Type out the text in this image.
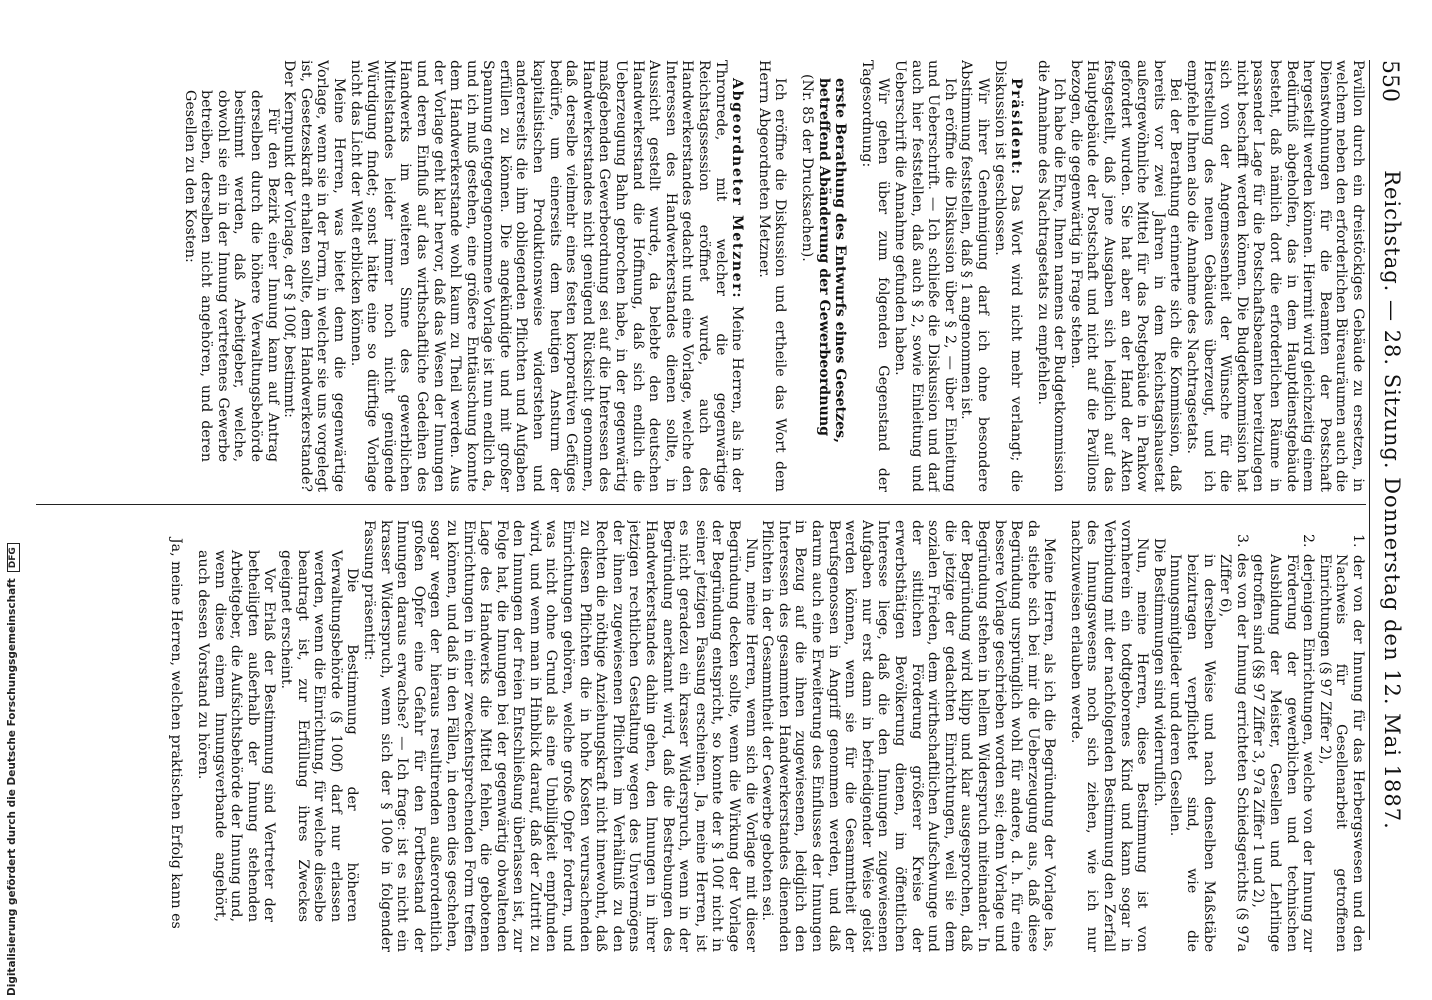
550
Reichstag. — 28. Sitzung. Donnerstag den 12. Mai 1887.

Pavillon durch ein dreistöckiges Gebäude zu ersetzen, in welchem neben den erforderlichen Büreauräumen auch die Dienstwohnungen für die Beamten der Postschaft hergestellt werden können. Hiermit wird gleichzeitig einem Bedürfniß abgeholfen, das in dem Hauptdienstgebäude besteht, daß nämlich dort die erforderlichen Räume in passender Lage für die Postschaftsbeamten bereitzulegen nicht beschafft werden können. Die Budgetkommission hat sich von der Angemessenheit der Wünsche für die Herstellung des neuen Gebäudes überzeugt, und ich empfehle Ihnen also die Annahme des Nachtragsetats.

Bei der Berathung erinnerte sich die Kommission, daß bereits vor zwei Jahren in dem Reichstagshausetat außergewöhnliche Mittel für das Postgebäude in Pankow gefordert wurden. Sie hat aber an der Hand der Akten festgestellt, daß jene Ausgaben sich lediglich auf das Hauptgebäude der Postschaft und nicht auf die Pavillons bezogen, die gegenwärtig in Frage stehen.

Ich habe die Ehre, Ihnen namens der Budgetkommission die Annahme des Nachtragsetats zu empfehlen.

Präsident: Das Wort wird nicht mehr verlangt; die Diskussion ist geschlossen.

Wir ihrer Genehmigung darf ich ohne besondere Abstimmung feststellen, daß § 1 angenommen ist.

Ich eröffne die Diskussion über § 2, — über Einleitung und Ueberschrift. — Ich schließe die Diskussion und darf auch hier feststellen, daß auch § 2, sowie Einleitung und Ueberschrift die Annahme gefunden haben.

Wir gehen über zum folgenden Gegenstand der Tagesordnung:

erste Berathung des Entwurfs eines Gesetzes, betreffend Abänderung der Gewerbeordnung

(Nr. 85 der Drucksachen).

Ich eröffne die Diskussion und ertheile das Wort dem Herrn Abgeordneten Metzner.

Abgeordneter Metzner: Meine Herren, als in der Thronrede, mit welcher die gegenwärtige Reichstagssession eröffnet wurde, auch des Handwerkerstandes gedacht und eine Vorlage, welche den Interessen des Handwerkerstandes dienen sollte, in Aussicht gestellt wurde, da belebte den deutschen Handwerkerstand die Hoffnung, daß sich endlich die Ueberzeugung Bahn gebrochen habe, in der gegenwärtig maßgebenden Gewerbeordnung sei auf die Interessen des Handwerkerstandes nicht genügend Rücksicht genommen, daß derselbe vielmehr eines festen korporativen Gefüges bedürfe, um einerseits dem heutigen Ansturm der kapitalistischen Produktionsweise widerstehen und andererseits die ihm obliegenden Pflichten und Aufgaben erfüllen zu können. Die angekündigte und mit großer Spannung entgegengenommene Vorlage ist nun endlich da, und ich muß gestehen, eine größere Enttäuschung konnte dem Handwerkerstande wohl kaum zu Theil werden. Aus der Vorlage geht klar hervor, daß das Wesen der Innungen und deren Einfluß auf das wirthschaftliche Gedeihen des Handwerks im weiteren Sinne des gewerblichen Mittelstandes leider immer noch nicht genügende Würdigung findet; sonst hätte eine so dürftige Vorlage nicht das Licht der Welt erblicken können.

Meine Herren, was bietet denn die gegenwärtige Vorlage, wenn sie in der Form, in welcher sie uns vorgelegt ist, Gesetzeskraft erhalten sollte, dem Handwerkerstande? Der Kernpunkt der Vorlage, der § 100f, bestimmt:

Für den Bezirk einer Innung kann auf Antrag derselben durch die höhere Verwaltungsbehörde bestimmt werden, daß Arbeitgeber, welche, obwohl sie ein in der Innung vertretenes Gewerbe betreiben, derselben nicht angehören, und deren Gesellen zu den Kosten:

1. der von der Innung für das Herbergswesen und den Nachweis für Gesellenarbeit getroffenen Einrichtungen (§ 97 Ziffer 2),

2. derjenigen Einrichtungen, welche von der Innung zur Förderung der gewerblichen und technischen Ausbildung der Meister, Gesellen und Lehrlinge getroffen sind (§§ 97 Ziffer 3, 97a Ziffer 1 und 2),

3. des von der Innung errichteten Schiedsgerichts (§ 97a Ziffer 6),

in derselben Weise und nach denselben Maßstäbe beizutragen verpflichtet sind, wie die Innungsmitglieder und deren Gesellen.

Die Bestimmungen sind widerruflich.

Nun, meine Herren, diese Bestimmung ist von vornherein ein todtgeborenes Kind und kann sogar in Verbindung mit der nachfolgenden Bestimmung den Zerfall des Innungswesens noch sich ziehen, wie ich nur nachzuweisen erlauben werde.

Meine Herren, als ich die Begründung der Vorlage las, da stiehe sich bei mir die Ueberzeugung aus, daß diese Begründung ursprünglich wohl für andere, d. h. für eine bessere Vorlage geschrieben worden sei; denn Vorlage und Begründung stehen in hellem Widerspruch miteinander. In der Begründung wird klipp und klar ausgesprochen, daß die jetzige der gedachten Einrichtungen, weil sie dem sozialen Frieden, dem wirthschaftlichen Aufschwunge und der sittlichen Förderung größerer Kreise der erwerbsthätigen Bevölkerung dienen, im öffentlichen Interesse liege, daß die den Innungen zugewiesenen Aufgaben nur erst dann in befriedigender Weise gelöst werden können, wenn sie für die Gesammtheit der Berufsgenossen in Angriff genommen werden, und daß darum auch eine Erweiterung des Einflusses der Innungen in Bezug auf die ihnen zugewiesenen, lediglich den Interessen des gesammten Handwerkerstandes dienenden Pflichten in der Gesammtheit der Gewerbe geboten sei.

Nun, meine Herren, wenn sich die Vorlage mit dieser Begründung decken sollte, wenn die Wirkung der Vorlage der Begründung entspricht, so konnte der § 100f nicht in seiner jetzigen Fassung erscheinen. Ja, meine Herren, ist es nicht geradezu ein krasser Widerspruch, wenn in der Begründung anerkannt wird, daß die Bestrebungen des Handwerkerstandes dahin gehen, den Innungen in ihrer jetzigen rechtlichen Gestaltung wegen des Unvermögens der ihnen zugewiesenen Pflichten im Verhältniß zu den Rechten die nöthige Anziehungskraft nicht innewohnt, daß zu diesen Pflichten die in hohe Kosten verursachenden Einrichtungen gehören, welche große Opfer fordern, und was nicht ohne Grund als eine Unbilligkeit empfunden wird, und wenn man in Hinblick darauf, daß der Zutritt zu den Innungen der freien Entschließung überlassen ist, zur Folge hat, die Innungen bei der gegenwärtig obwaltenden Lage des Handwerks die Mittel fehlen, die gebotenen Einrichtungen in einer zweckentsprechenden Form treffen zu können, und daß in den Fällen, in denen dies geschehen, sogar wegen der hieraus resultirenden außerordentlich großen Opfer eine Gefahr für den Fortbestand der Innungen daraus erwachse? — Ich frage: ist es nicht ein krasser Widerspruch, wenn sich der § 100e in folgender Fassung präsentirt:

Die Bestimmung der höheren Verwaltungsbehörde (§ 100f) darf nur erlassen werden, wenn die Einrichtung, für welche dieselbe beantragt ist, zur Erfüllung ihres Zweckes geeignet erscheint.

Vor Erlaß der Bestimmung sind Vertreter der betheiligten außerhalb der Innung stehenden Arbeitgeber, die Aufsichtsbehörde der Innung und, wenn diese einem Innungsverbande angehört, auch dessen Vorstand zu hören.

Ja, meine Herren, welchen praktischen Erfolg kann es

Digitalisierung gefördert durch die Deutsche ForschungsgemeinschaftDFG
